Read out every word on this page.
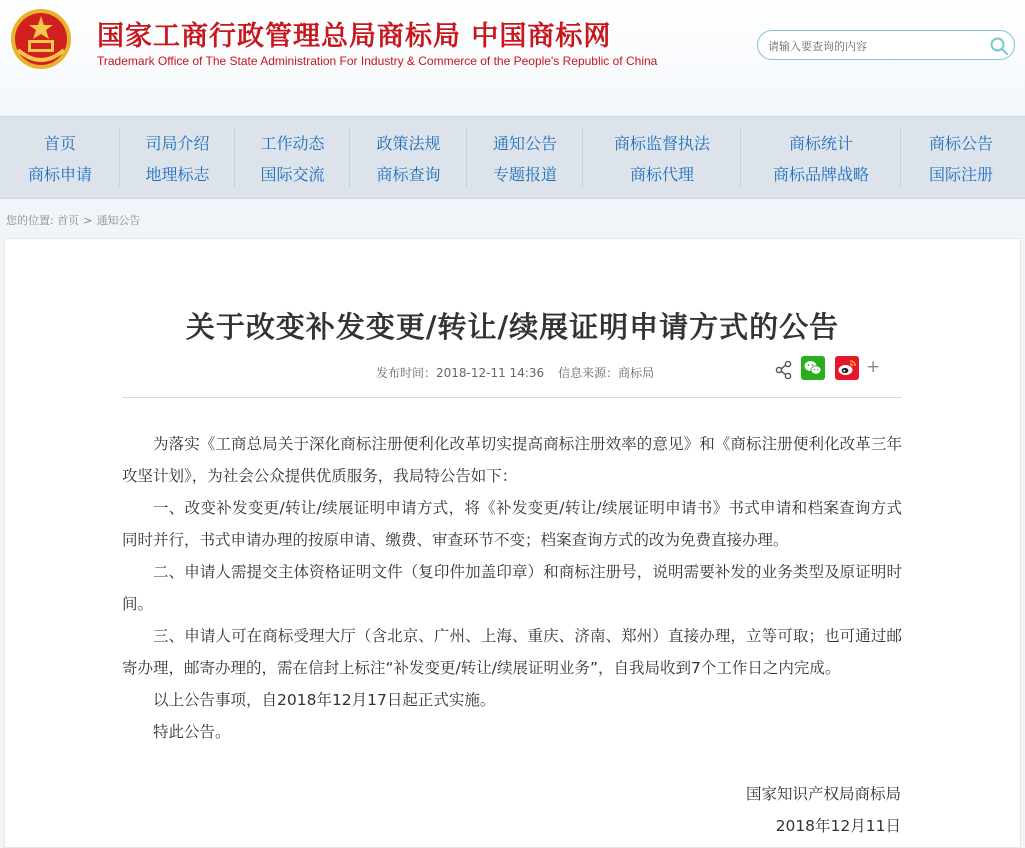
国家工商行政管理总局商标局 中国商标网
Trademark Office of The State Administration For Industry & Commerce of the People's Republic of China
请输入要查询的内容
首页
商标申请
司局介绍
地理标志
工作动态
国际交流
政策法规
商标查询
通知公告
专题报道
商标监督执法
商标代理
商标统计
商标品牌战略
商标公告
国际注册
您的位置: 首页 > 通知公告
关于改变补发变更/转让/续展证明申请方式的公告
发布时间：2018-12-11 14:36 信息来源：商标局	+

为落实《工商总局关于深化商标注册便利化改革切实提高商标注册效率的意见》和《商标注册便利化改革三年攻坚计划》，为社会公众提供优质服务，我局特公告如下：

一、改变补发变更/转让/续展证明申请方式，将《补发变更/转让/续展证明申请书》书式申请和档案查询方式同时并行，书式申请办理的按原申请、缴费、审查环节不变；档案查询方式的改为免费直接办理。

二、申请人需提交主体资格证明文件（复印件加盖印章）和商标注册号，说明需要补发的业务类型及原证明时间。

三、申请人可在商标受理大厅（含北京、广州、上海、重庆、济南、郑州）直接办理，立等可取；也可通过邮寄办理，邮寄办理的，需在信封上标注“补发变更/转让/续展证明业务”，自我局收到7个工作日之内完成。

以上公告事项，自2018年12月17日起正式实施。

特此公告。

国家知识产权局商标局
2018年12月11日
